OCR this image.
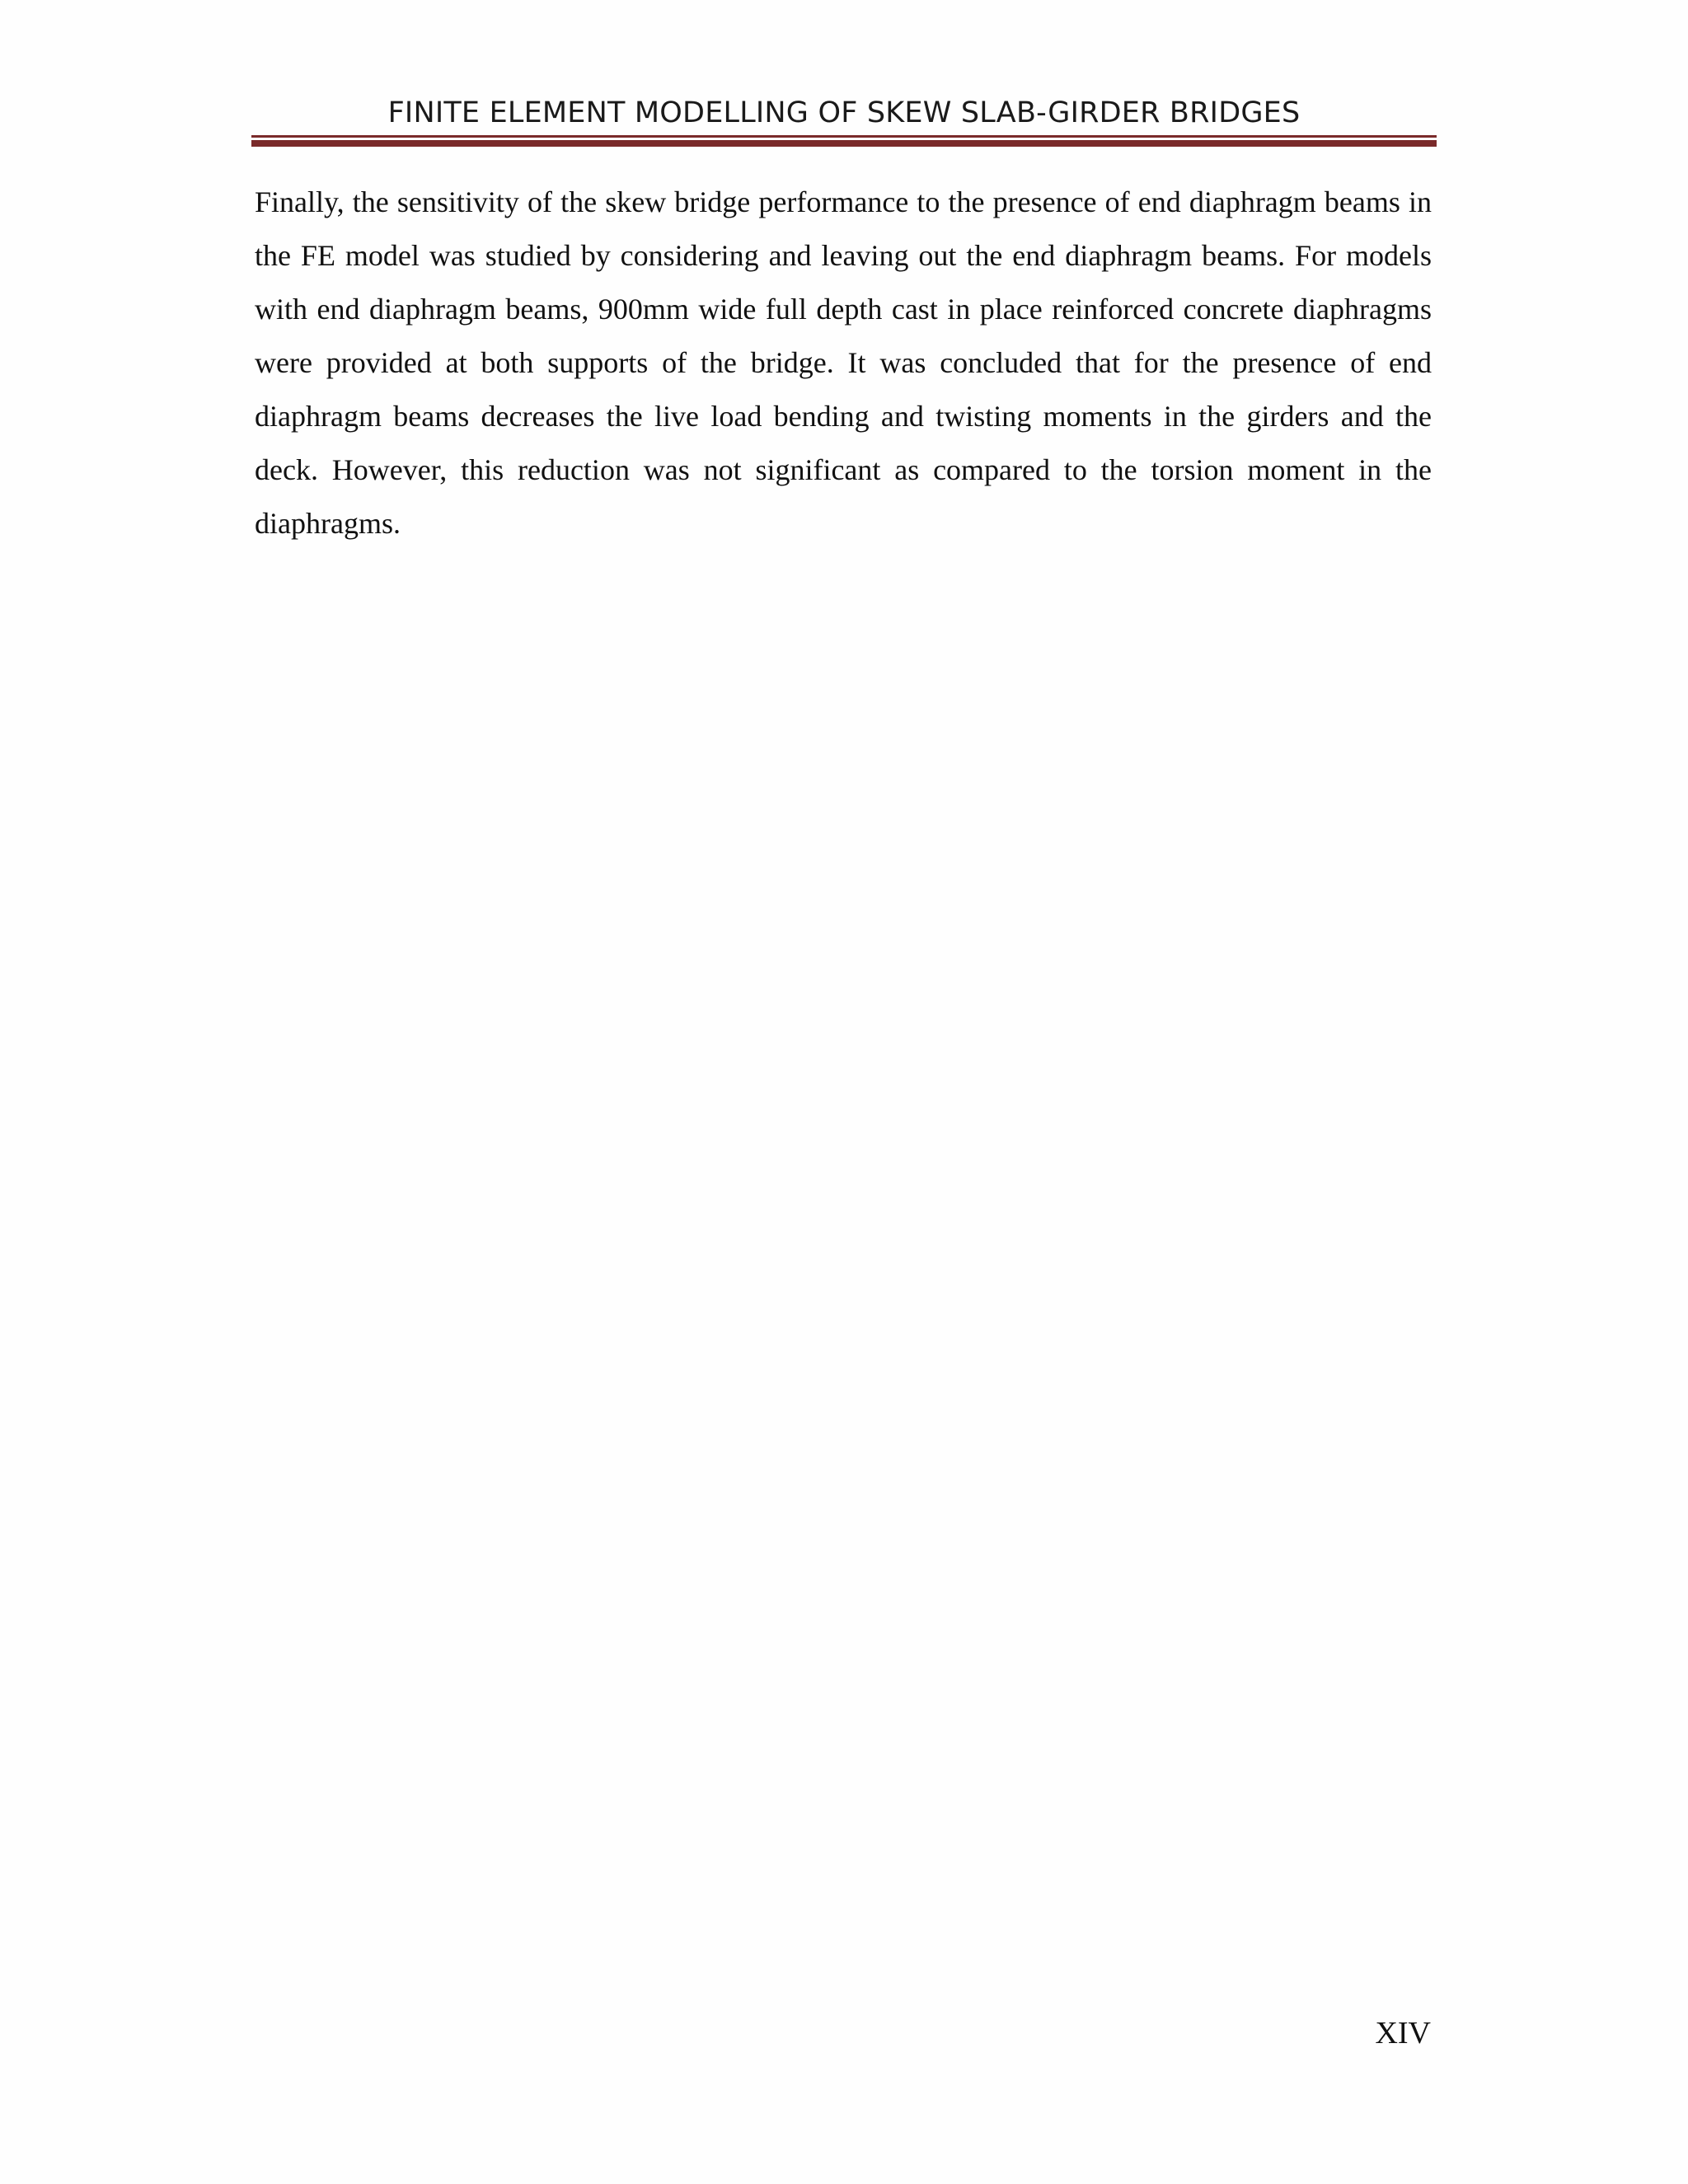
FINITE ELEMENT MODELLING OF SKEW SLAB-GIRDER BRIDGES

Finally, the sensitivity of the skew bridge performance to the presence of end diaphragm beams in the FE model was studied by considering and leaving out the end diaphragm beams. For models with end diaphragm beams, 900mm wide full depth cast in place reinforced concrete diaphragms were provided at both supports of the bridge. It was concluded that for the presence of end diaphragm beams decreases the live load bending and twisting moments in the girders and the deck. However, this reduction was not significant as compared to the torsion moment in the diaphragms.

XIV
